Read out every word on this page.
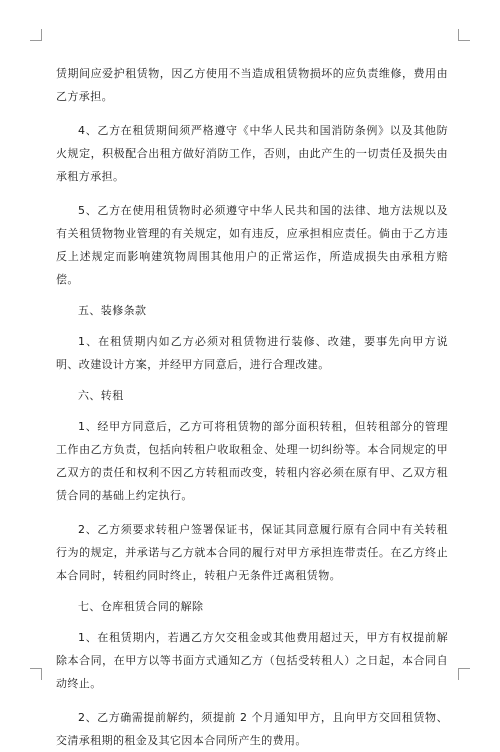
赁期间应爱护租赁物，因乙方使用不当造成租赁物损坏的应负责维修，费用由乙方承担。

4、乙方在租赁期间须严格遵守《中华人民共和国消防条例》以及其他防火规定，积极配合出租方做好消防工作，否则，由此产生的一切责任及损失由承租方承担。

5、乙方在使用租赁物时必须遵守中华人民共和国的法律、地方法规以及有关租赁物物业管理的有关规定，如有违反，应承担相应责任。倘由于乙方违反上述规定而影响建筑物周围其他用户的正常运作，所造成损失由承租方赔偿。

五、装修条款

1、在租赁期内如乙方必须对租赁物进行装修、改建，要事先向甲方说明、改建设计方案，并经甲方同意后，进行合理改建。

六、转租

1、经甲方同意后，乙方可将租赁物的部分面积转租，但转租部分的管理工作由乙方负责，包括向转租户收取租金、处理一切纠纷等。本合同规定的甲乙双方的责任和权利不因乙方转租而改变，转租内容必须在原有甲、乙双方租赁合同的基础上约定执行。

2、乙方须要求转租户签署保证书，保证其同意履行原有合同中有关转租行为的规定，并承诺与乙方就本合同的履行对甲方承担连带责任。在乙方终止本合同时，转租约同时终止，转租户无条件迁离租赁物。

七、仓库租赁合同的解除

1、在租赁期内，若遇乙方欠交租金或其他费用超过天，甲方有权提前解除本合同，在甲方以等书面方式通知乙方（包括受转租人）之日起，本合同自动终止。

2、乙方确需提前解约，须提前 2 个月通知甲方，且向甲方交回租赁物、交清承租期的租金及其它因本合同所产生的费用。
